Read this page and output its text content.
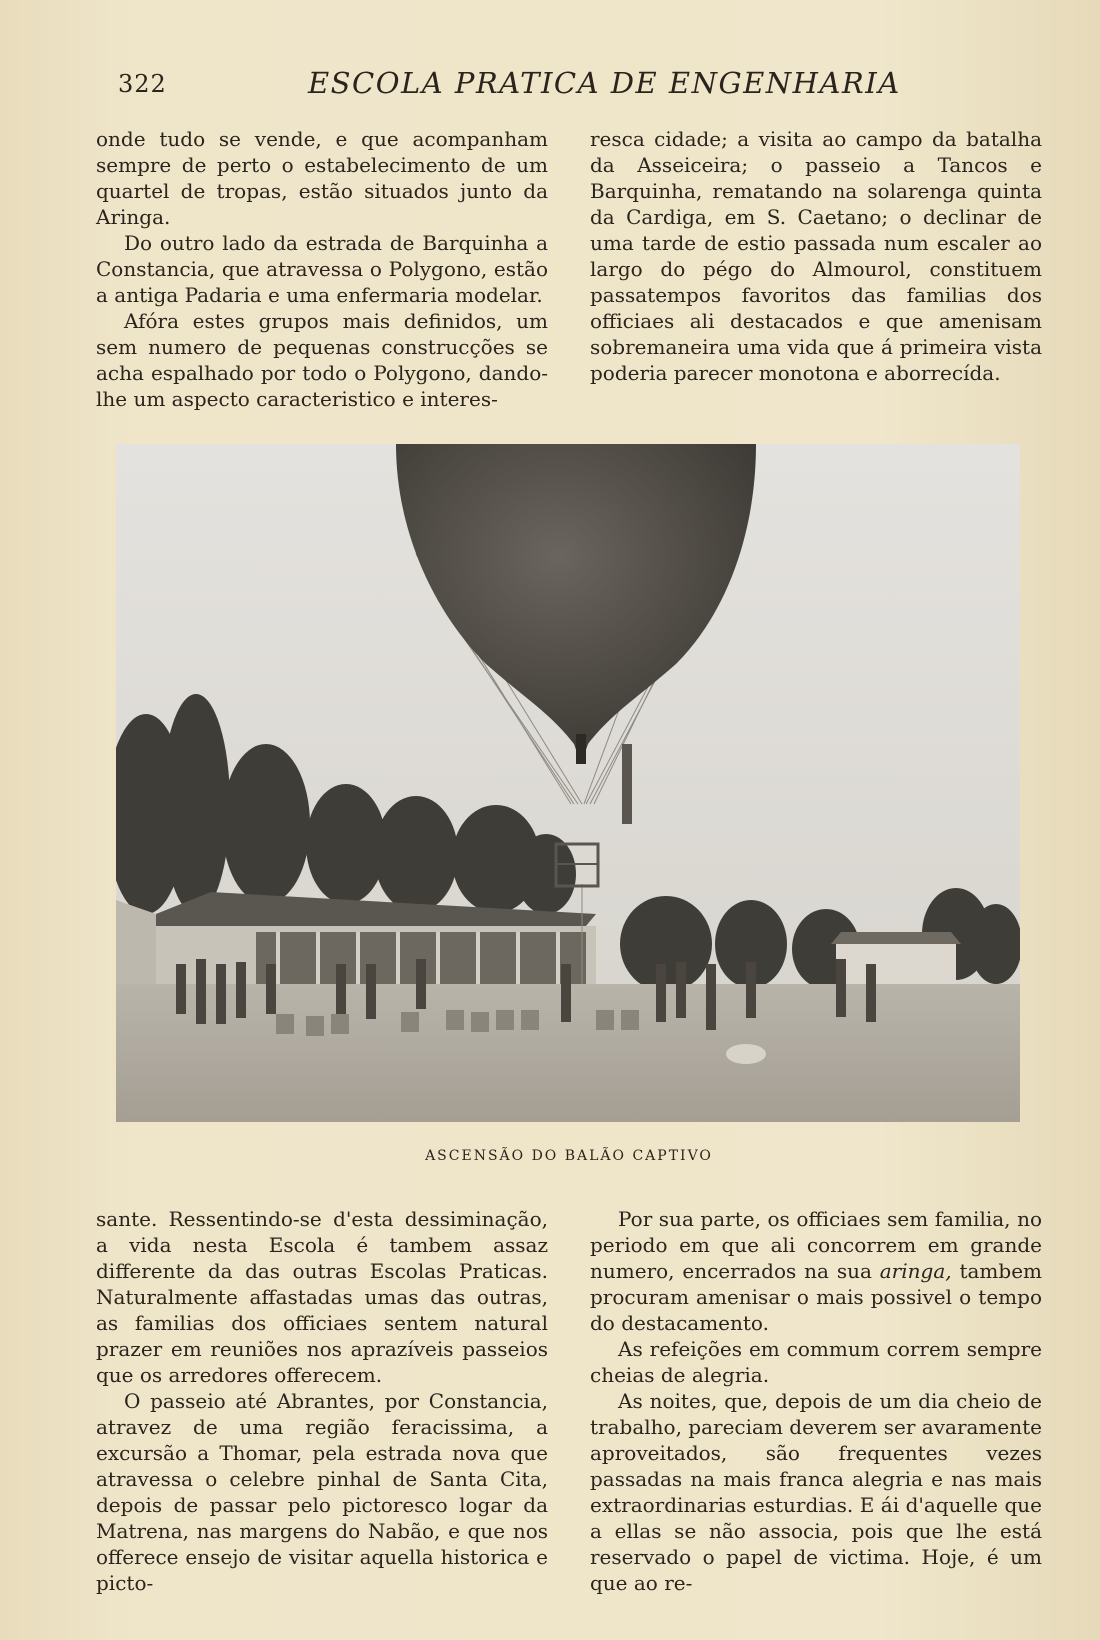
322	ESCOLA PRATICA DE ENGENHARIA

onde tudo se vende, e que acompanham sempre de perto o estabelecimento de um quartel de tropas, estão situados junto da Aringa.

Do outro lado da estrada de Barquinha a Constancia, que atravessa o Polygono, estão a antiga Padaria e uma enfermaria modelar.

Afóra estes grupos mais definidos, um sem numero de pequenas construcções se acha espalhado por todo o Polygono, dando-lhe um aspecto caracteristico e interes-

resca cidade; a visita ao campo da batalha da Asseiceira; o passeio a Tancos e Barquinha, rematando na solarenga quinta da Cardiga, em S. Caetano; o declinar de uma tarde de estio passada num escaler ao largo do pégo do Almourol, constituem passatempos favoritos das familias dos officiaes ali destacados e que amenisam sobremaneira uma vida que á primeira vista poderia parecer monotona e aborrecída.

ASCENSÃO DO BALÃO CAPTIVO

sante. Ressentindo-se d'esta dessiminação, a vida nesta Escola é tambem assaz differente da das outras Escolas Praticas. Naturalmente affastadas umas das outras, as familias dos officiaes sentem natural prazer em reuniões nos aprazíveis passeios que os arredores offerecem.

O passeio até Abrantes, por Constancia, atravez de uma região feracissima, a excursão a Thomar, pela estrada nova que atravessa o celebre pinhal de Santa Cita, depois de passar pelo pictoresco logar da Matrena, nas margens do Nabão, e que nos offerece ensejo de visitar aquella historica e picto-

Por sua parte, os officiaes sem familia, no periodo em que ali concorrem em grande numero, encerrados na sua aringa, tambem procuram amenisar o mais possivel o tempo do destacamento.

As refeições em commum correm sempre cheias de alegria.

As noites, que, depois de um dia cheio de trabalho, pareciam deverem ser avaramente aproveitados, são frequentes vezes passadas na mais franca alegria e nas mais extraordinarias esturdias. E ái d'aquelle que a ellas se não associa, pois que lhe está reservado o papel de victima. Hoje, é um que ao re-
